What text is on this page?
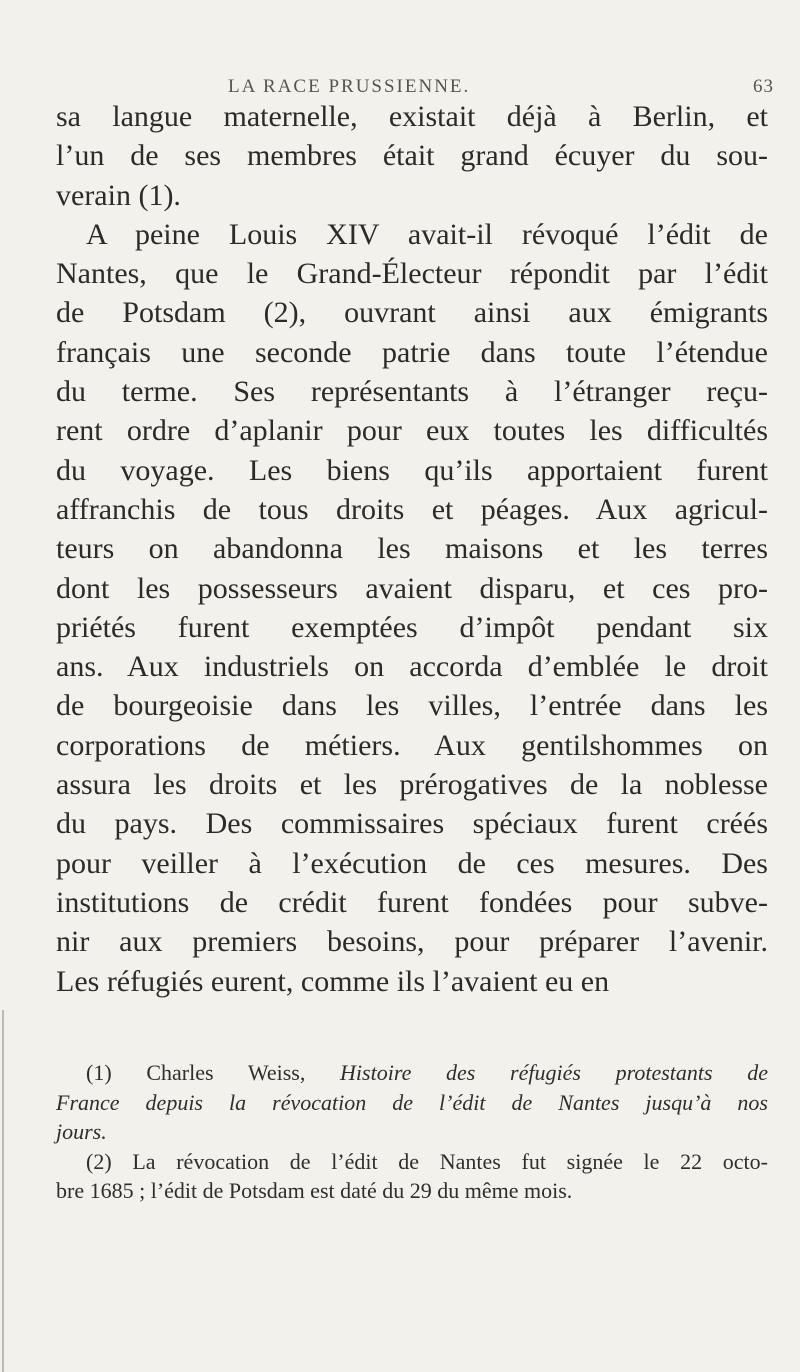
LA RACE PRUSSIENNE.	63
sa langue maternelle, existait déjà à Berlin, et
l’un de ses membres était grand écuyer du sou-
verain (1).
A peine Louis XIV avait-il révoqué l’édit de
Nantes, que le Grand-Électeur répondit par l’édit
de Potsdam (2), ouvrant ainsi aux émigrants
français une seconde patrie dans toute l’étendue
du terme. Ses représentants à l’étranger reçu-
rent ordre d’aplanir pour eux toutes les difficultés
du voyage. Les biens qu’ils apportaient furent
affranchis de tous droits et péages. Aux agricul-
teurs on abandonna les maisons et les terres
dont les possesseurs avaient disparu, et ces pro-
priétés furent exemptées d’impôt pendant six
ans. Aux industriels on accorda d’emblée le droit
de bourgeoisie dans les villes, l’entrée dans les
corporations de métiers. Aux gentilshommes on
assura les droits et les prérogatives de la noblesse
du pays. Des commissaires spéciaux furent créés
pour veiller à l’exécution de ces mesures. Des
institutions de crédit furent fondées pour subve-
nir aux premiers besoins, pour préparer l’avenir.
Les réfugiés eurent, comme ils l’avaient eu en
(1) Charles Weiss, Histoire des réfugiés protestants de
France depuis la révocation de l’édit de Nantes jusqu’à nos
jours.
(2) La révocation de l’édit de Nantes fut signée le 22 octo-
bre 1685 ; l’édit de Potsdam est daté du 29 du même mois.
